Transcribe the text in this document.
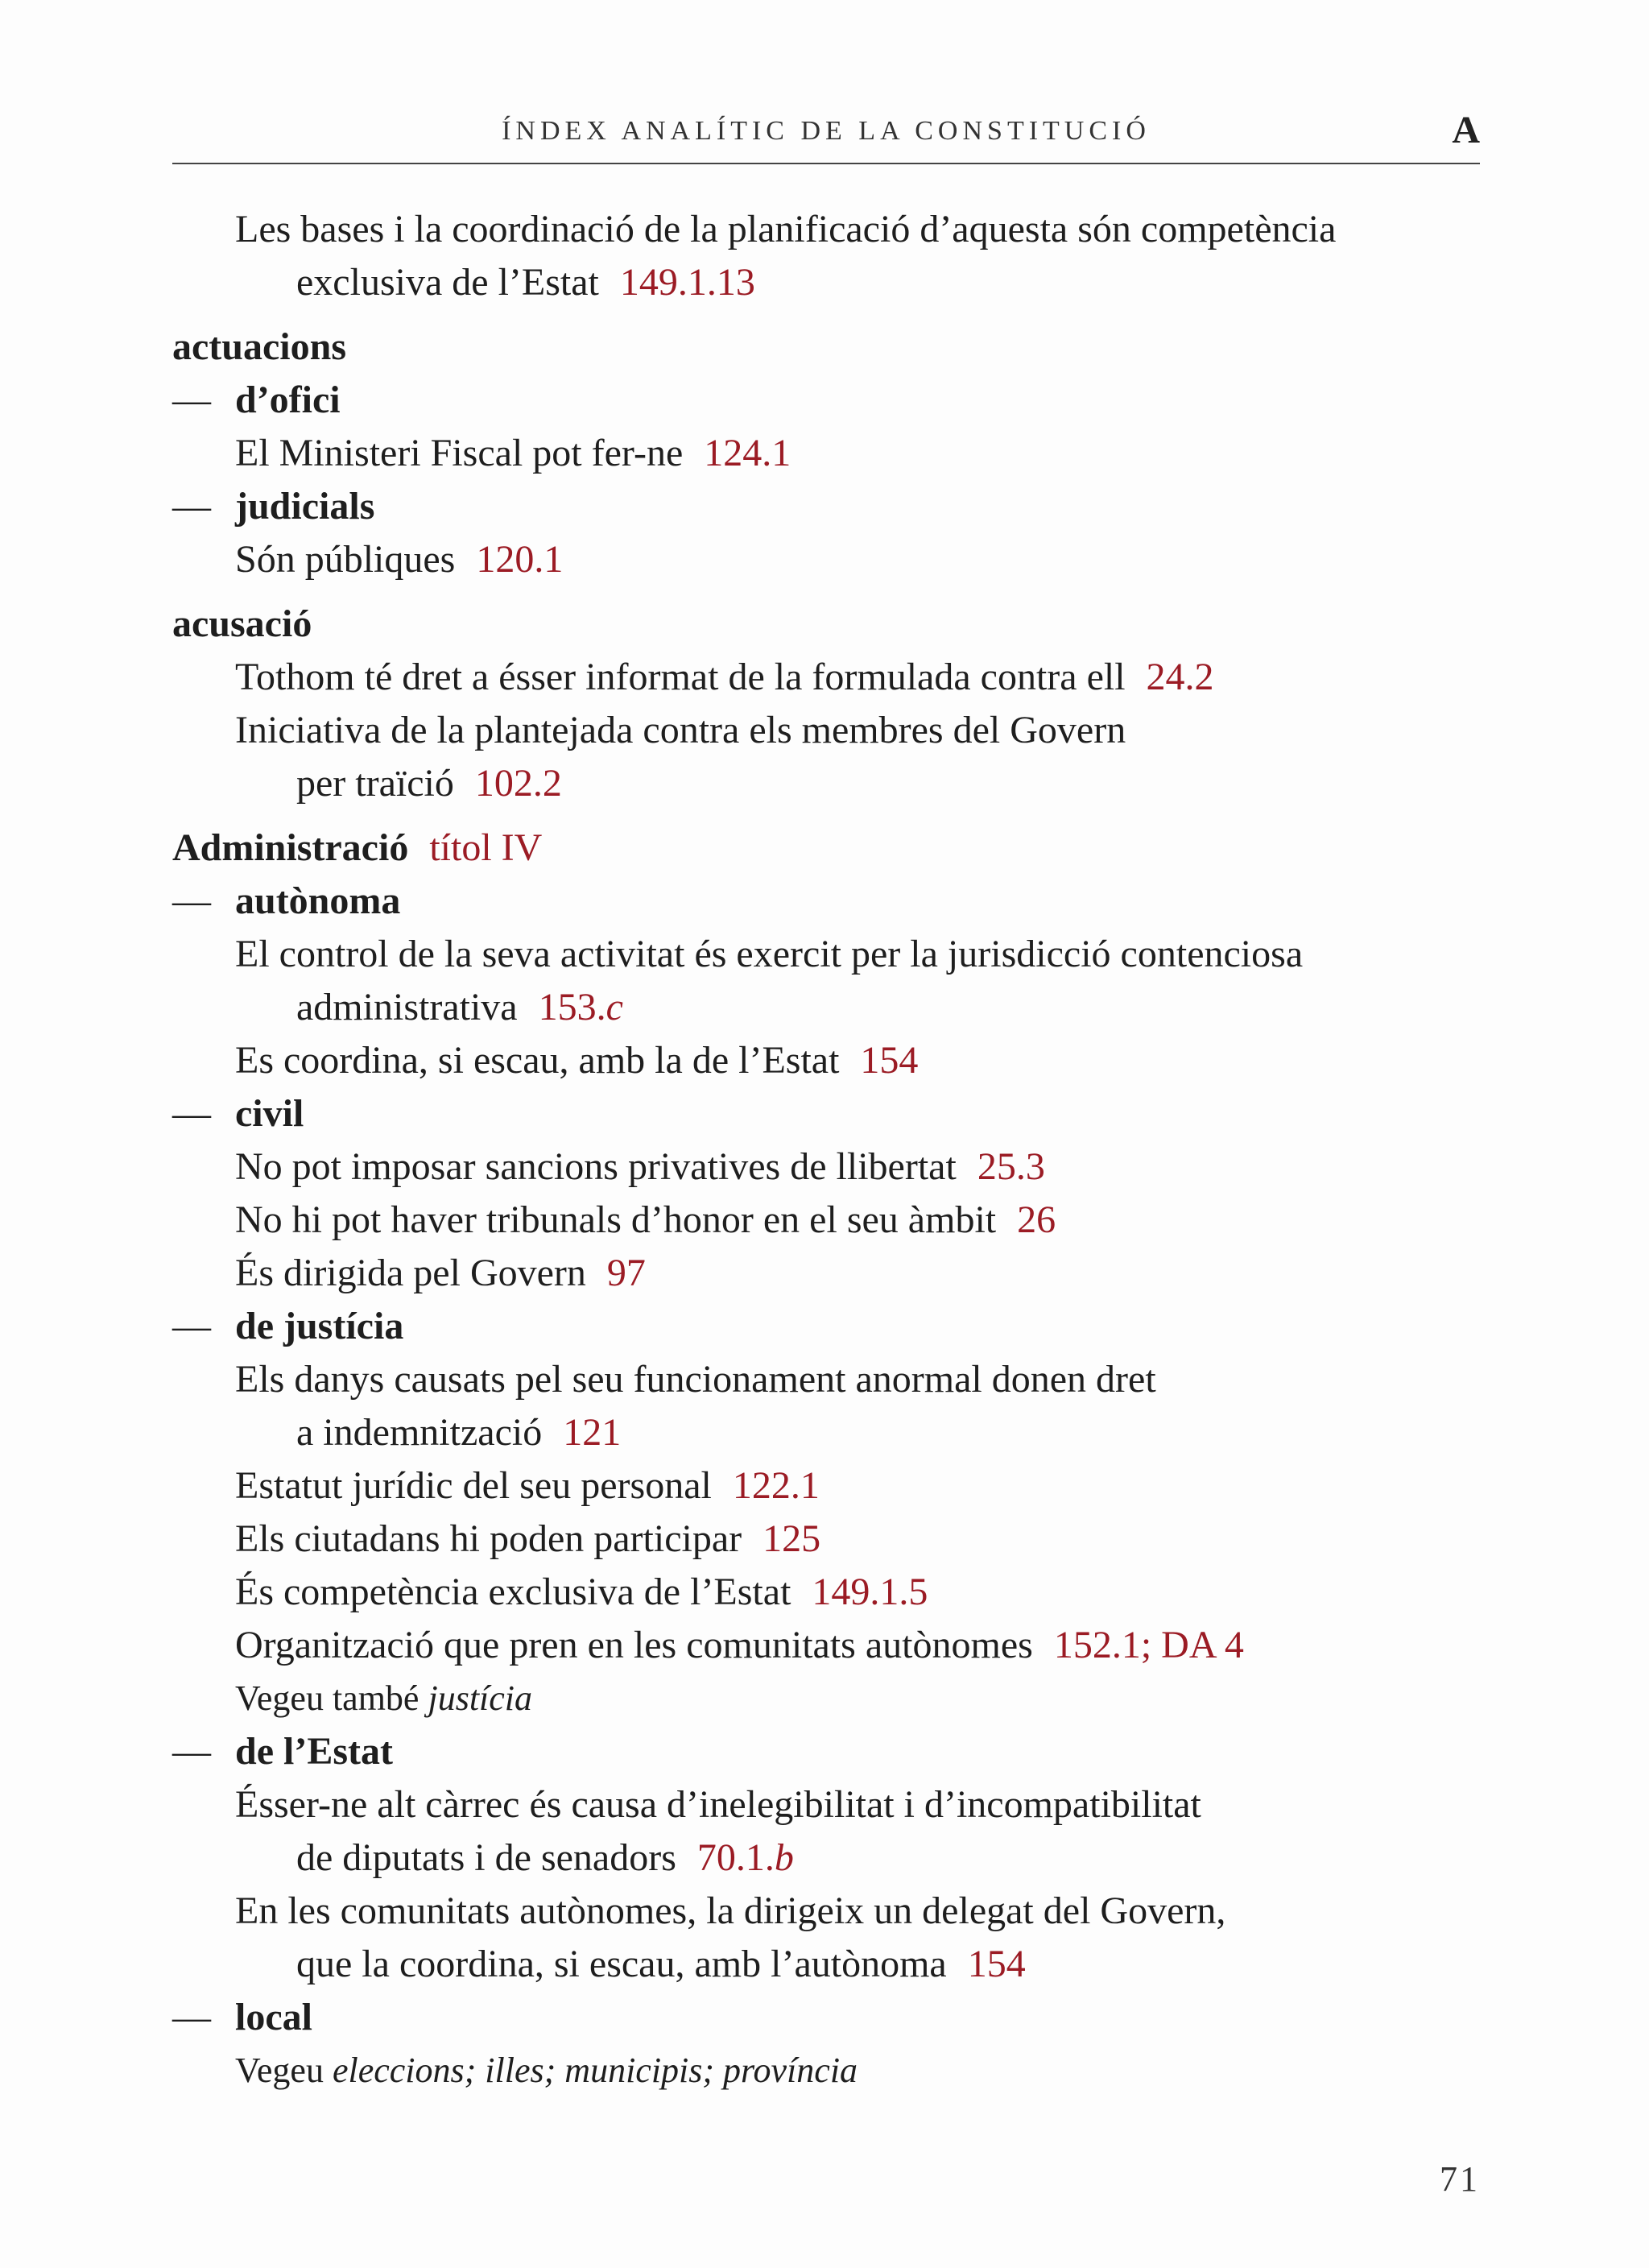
ÍNDEX ANALÍTIC DE LA CONSTITUCIÓ	A
Les bases i la coordinació de la planificació d’aquesta són competència
exclusiva de l’Estat 149.1.13
actuacions
— d’ofici
El Ministeri Fiscal pot fer-ne 124.1
— judicials
Són públiques 120.1
acusació
Tothom té dret a ésser informat de la formulada contra ell 24.2
Iniciativa de la plantejada contra els membres del Govern
per traïció 102.2
Administració títol IV
— autònoma
El control de la seva activitat és exercit per la jurisdicció contenciosa
administrativa 153.c
Es coordina, si escau, amb la de l’Estat 154
— civil
No pot imposar sancions privatives de llibertat 25.3
No hi pot haver tribunals d’honor en el seu àmbit 26
És dirigida pel Govern 97
— de justícia
Els danys causats pel seu funcionament anormal donen dret
a indemnització 121
Estatut jurídic del seu personal 122.1
Els ciutadans hi poden participar 125
És competència exclusiva de l’Estat 149.1.5
Organització que pren en les comunitats autònomes 152.1; DA 4
Vegeu també justícia
— de l’Estat
Ésser-ne alt càrrec és causa d’inelegibilitat i d’incompatibilitat
de diputats i de senadors 70.1.b
En les comunitats autònomes, la dirigeix un delegat del Govern,
que la coordina, si escau, amb l’autònoma 154
— local
Vegeu eleccions; illes; municipis; província
71
